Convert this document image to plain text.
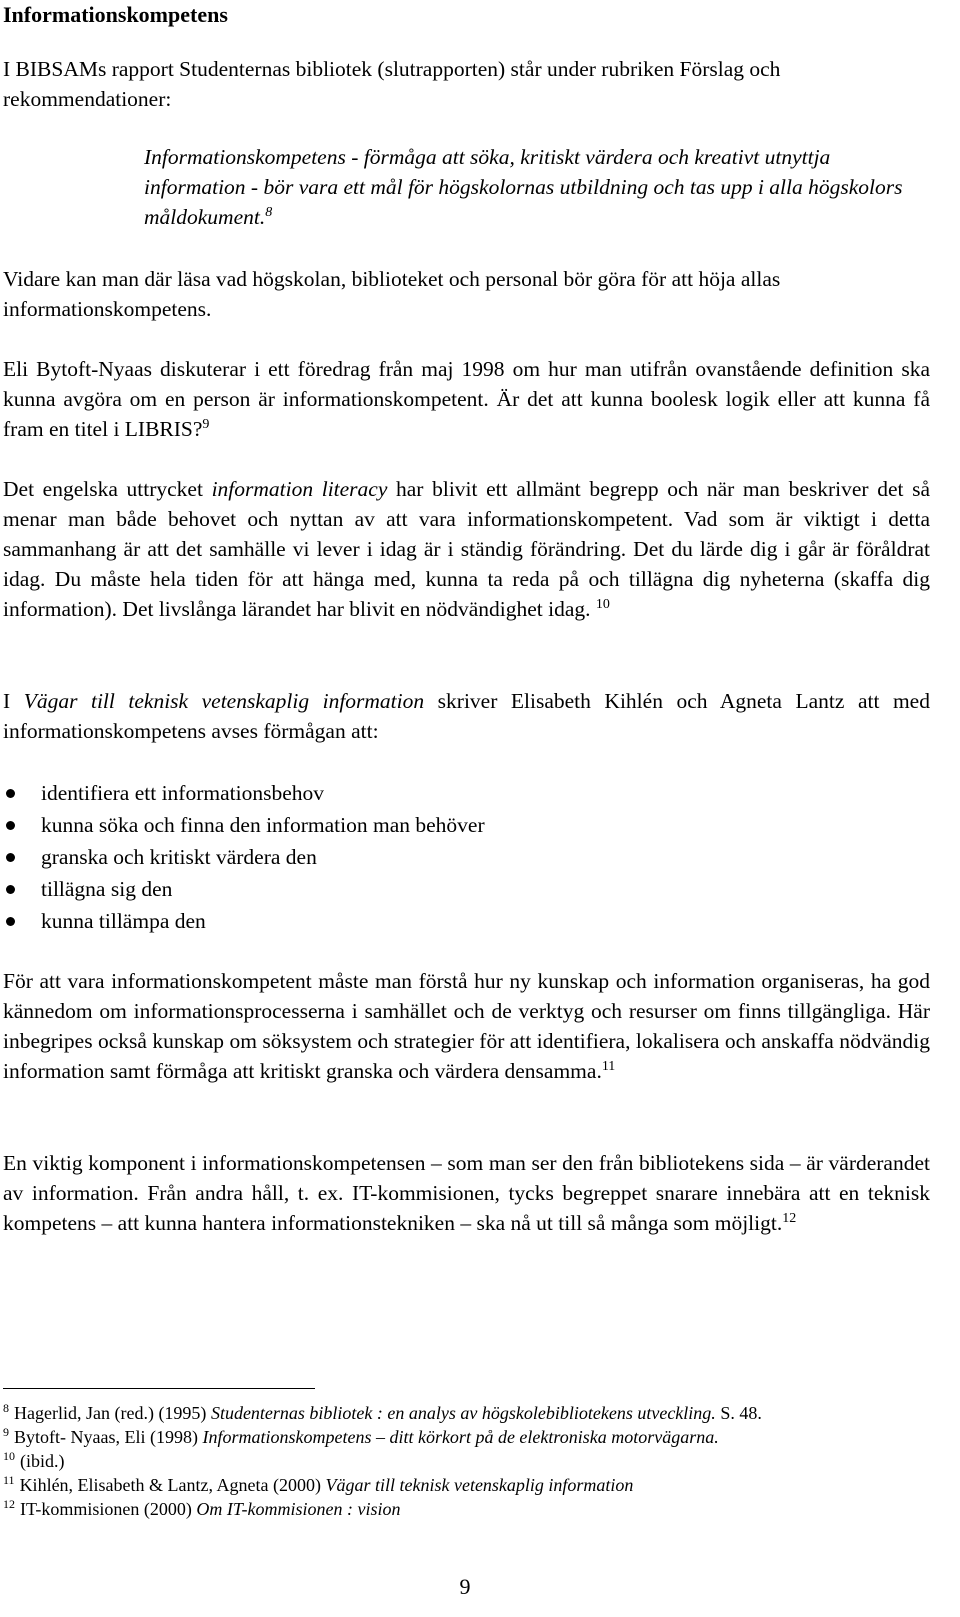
Informationskompetens

I BIBSAMs rapport Studenternas bibliotek (slutrapporten) står under rubriken Förslag och rekommendationer:

Informationskompetens - förmåga att söka, kritiskt värdera och kreativt utnyttja information - bör vara ett mål för högskolornas utbildning och tas upp i alla högskolors måldokument.$^8$

Vidare kan man där läsa vad högskolan, biblioteket och personal bör göra för att höja allas informationskompetens.

Eli Bytoft-Nyaas diskuterar i ett föredrag från maj 1998 om hur man utifrån ovanstående definition ska kunna avgöra om en person är informationskompetent. Är det att kunna boolesk logik eller att kunna få fram en titel i LIBRIS?$^9$

Det engelska uttrycket information literacy har blivit ett allmänt begrepp och när man beskriver det så menar man både behovet och nyttan av att vara informationskompetent. Vad som är viktigt i detta sammanhang är att det samhälle vi lever i idag är i ständig förändring. Det du lärde dig i går är föråldrat idag. Du måste hela tiden för att hänga med, kunna ta reda på och tillägna dig nyheterna (skaffa dig information). Det livslånga lärandet har blivit en nödvändighet idag. $^{10}$

I Vägar till teknisk vetenskaplig information skriver Elisabeth Kihlén och Agneta Lantz att med informationskompetens avses förmågan att:

identifiera ett informationsbehov
kunna söka och finna den information man behöver
granska och kritiskt värdera den
tillägna sig den
kunna tillämpa den

För att vara informationskompetent måste man förstå hur ny kunskap och information organiseras, ha god kännedom om informationsprocesserna i samhället och de verktyg och resurser om finns tillgängliga. Här inbegripes också kunskap om söksystem och strategier för att identifiera, lokalisera och anskaffa nödvändig information samt förmåga att kritiskt granska och värdera densamma.$^{11}$

En viktig komponent i informationskompetensen – som man ser den från bibliotekens sida – är värderandet av information. Från andra håll, t. ex. IT-kommisionen, tycks begreppet snarare innebära att en teknisk kompetens – att kunna hantera informationstekniken – ska nå ut till så många som möjligt.$^{12}$

$^8$ Hagerlid, Jan (red.) (1995) Studenternas bibliotek : en analys av högskolebibliotekens utveckling. S. 48.
$^9$ Bytoft- Nyaas, Eli (1998) Informationskompetens – ditt körkort på de elektroniska motorvägarna.
$^{10}$ (ibid.)
$^{11}$ Kihlén, Elisabeth & Lantz, Agneta (2000) Vägar till teknisk vetenskaplig information
$^{12}$ IT-kommisionen (2000) Om IT-kommisionen : vision
9
